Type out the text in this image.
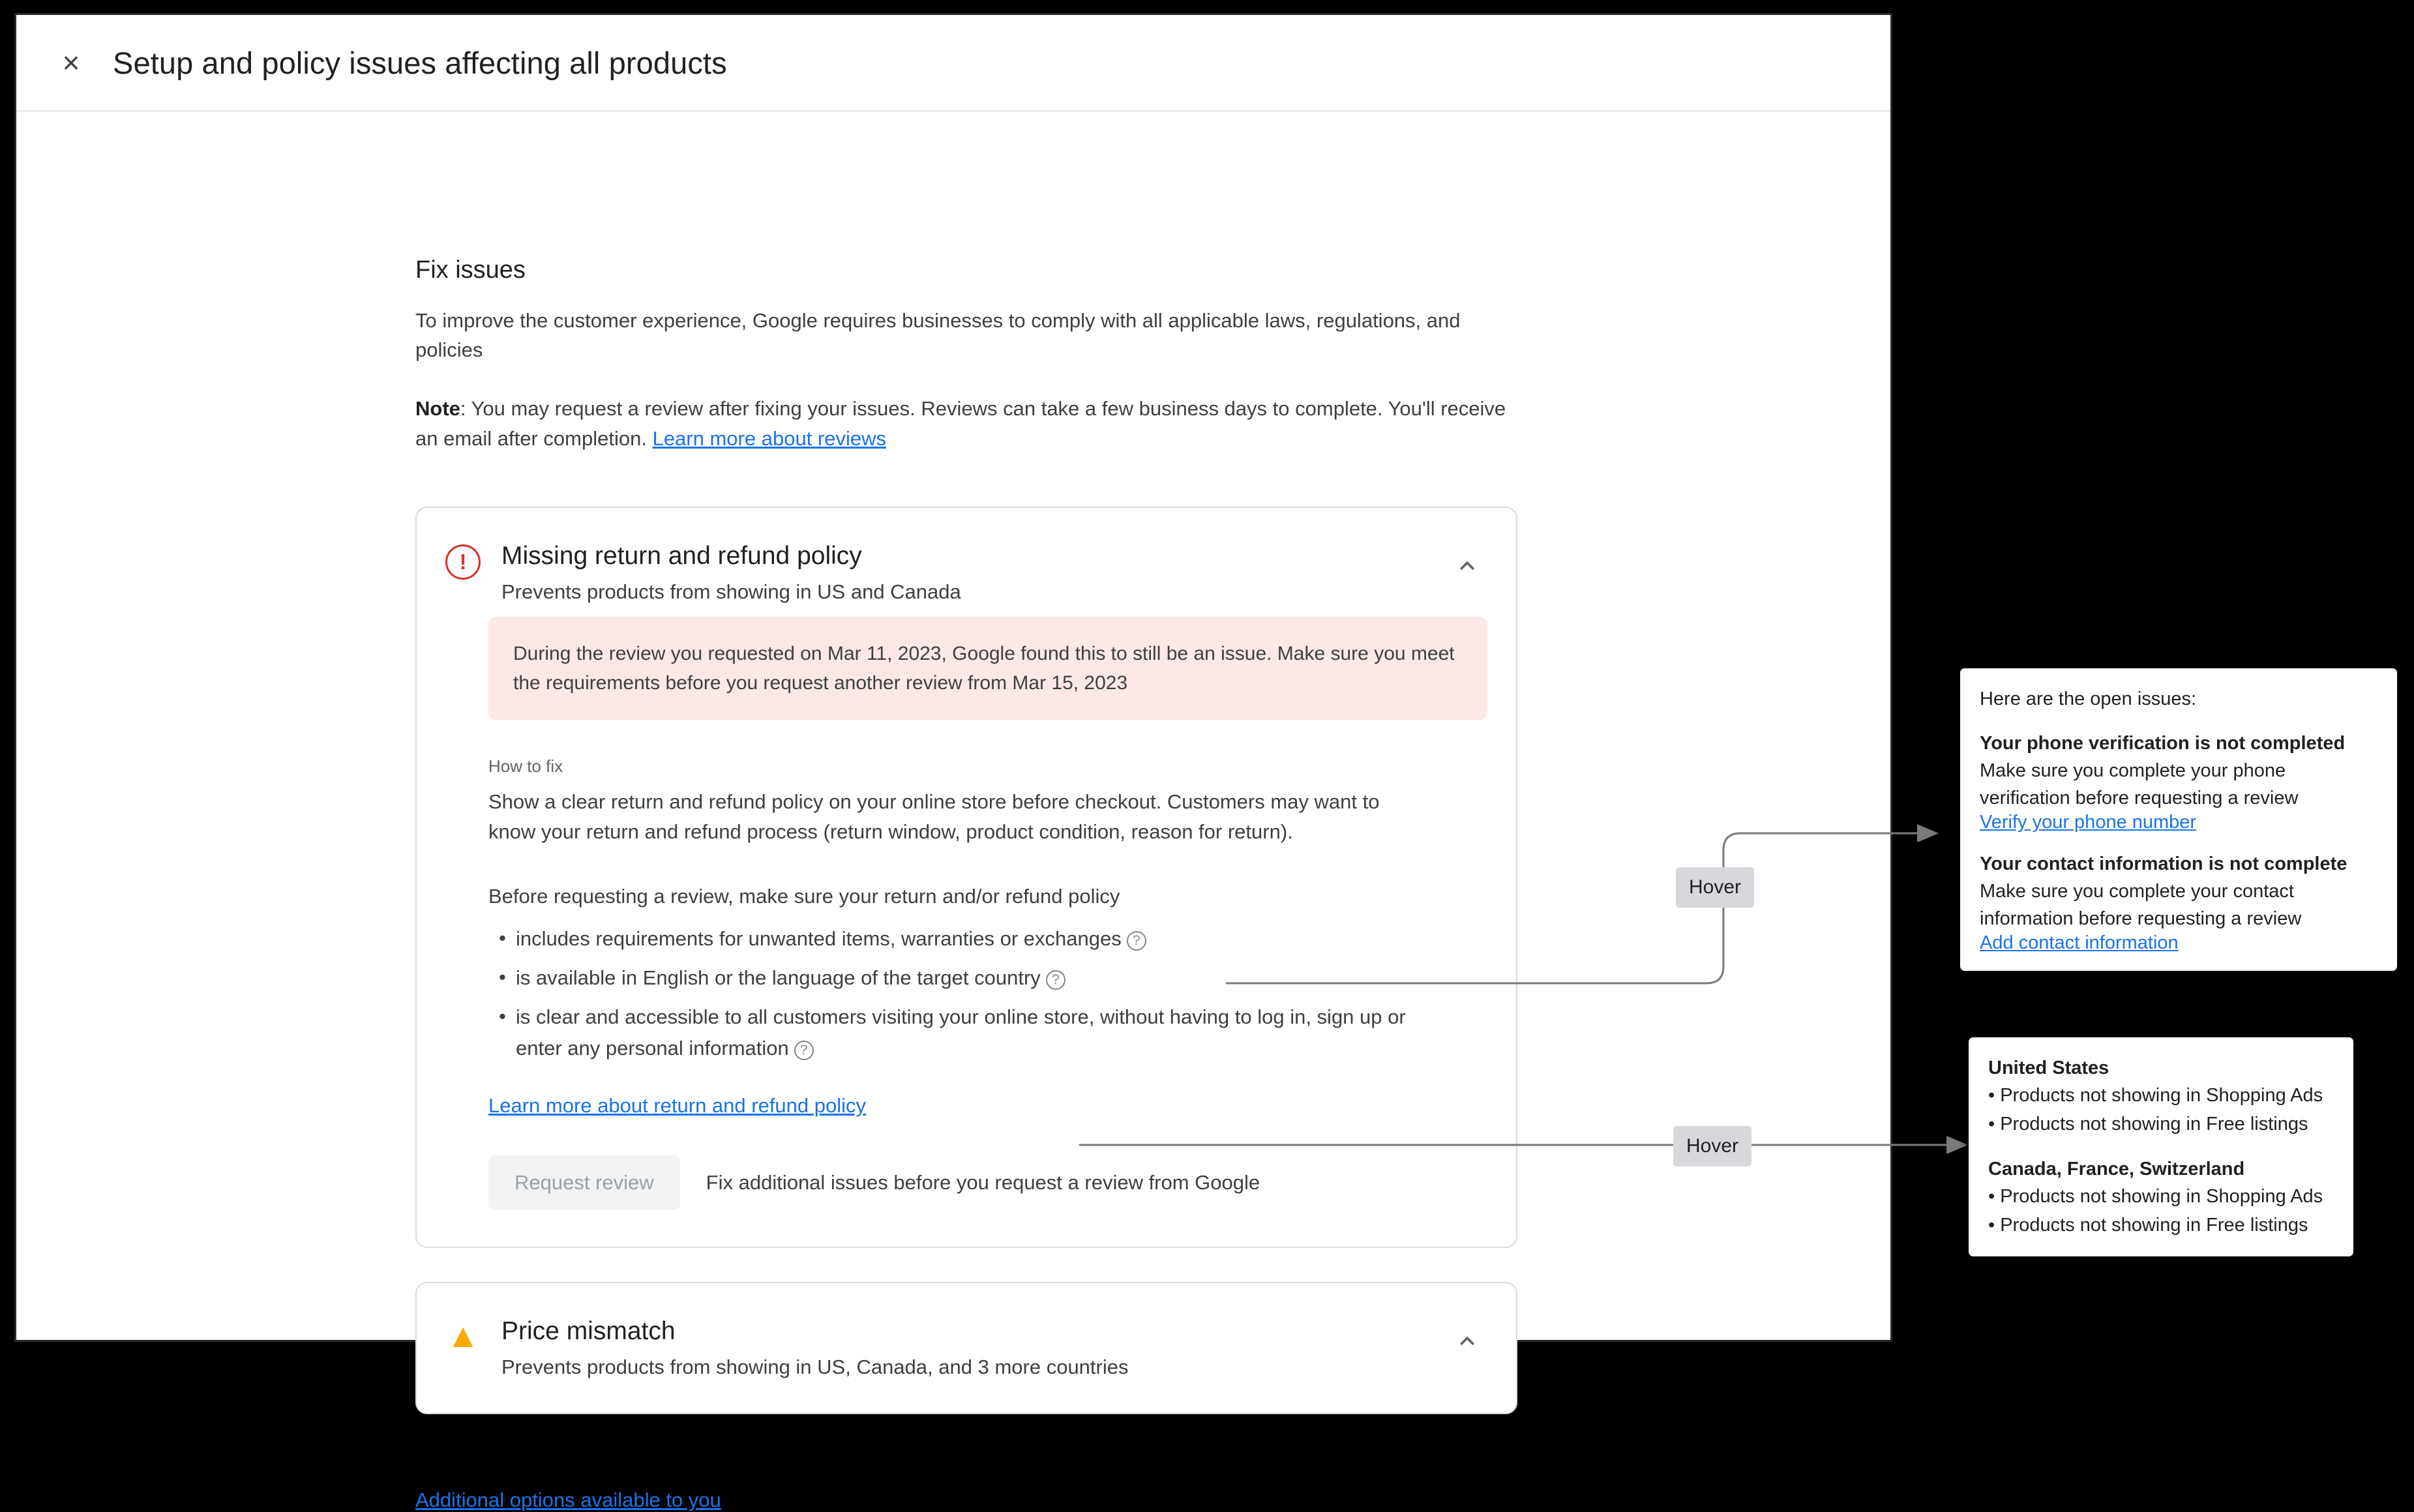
×	Setup and policy issues affecting all products
Fix issues

To improve the customer experience, Google requires businesses to comply with all applicable laws, regulations, and policies

Note: You may request a review after fixing your issues. Reviews can take a few business days to complete. You'll receive an email after completion. Learn more about reviews

!	Missing return and refund policy
Prevents products from showing in US and Canada
During the review you requested on Mar 11, 2023, Google found this to still be an issue. Make sure you meet the requirements before you request another review from Mar 15, 2023
How to fix
Show a clear return and refund policy on your online store before checkout. Customers may want to know your return and refund process (return window, product condition, reason for return).
Before requesting a review, make sure your return and/or refund policy
• includes requirements for unwanted items, warranties or exchanges ?
• is available in English or the language of the target country ?
• is clear and accessible to all customers visiting your online store, without having to log in, sign up or enter any personal information ?
Learn more about return and refund policy
Request review	Fix additional issues before you request a review from Google
▲ Price mismatch
Prevents products from showing in US, Canada, and 3 more countries
Additional options available to you
Hover
Hover
Here are the open issues:
Your phone verification is not completed
Make sure you complete your phone verification before requesting a review
Verify your phone number
Your contact information is not complete
Make sure you complete your contact information before requesting a review
Add contact information
United States
• Products not showing in Shopping Ads
• Products not showing in Free listings
Canada, France, Switzerland
• Products not showing in Shopping Ads
• Products not showing in Free listings
